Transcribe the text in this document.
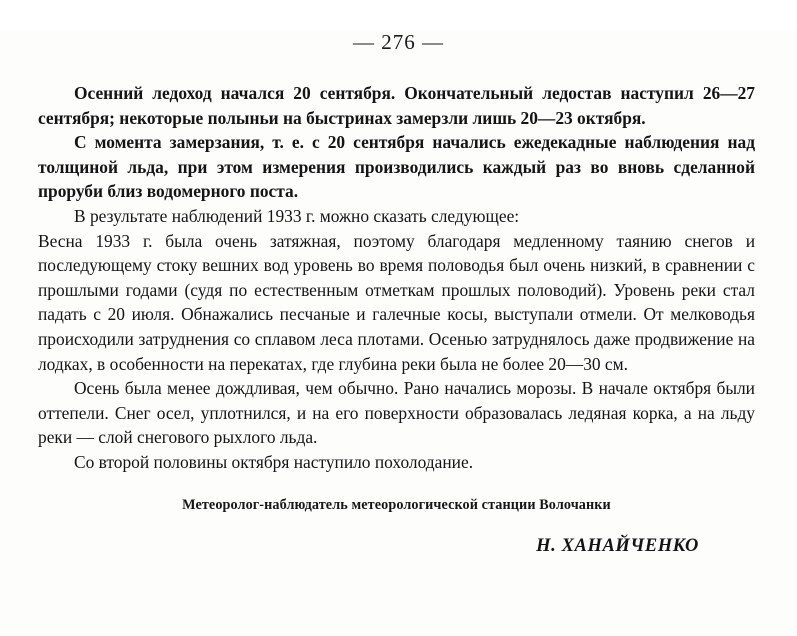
— 276 —

Осенний ледоход начался 20 сентября. Окончательный ледостав наступил 26—27 сентября; некоторые полыньи на быстринах замерзли лишь 20—23 октября.

С момента замерзания, т. е. с 20 сентября начались ежедекадные наблюдения над толщиной льда, при этом измерения производились каждый раз во вновь сделанной проруби близ водомерного поста.

В результате наблюдений 1933 г. можно сказать следующее:

Весна 1933 г. была очень затяжная, поэтому благодаря медленному таянию снегов и последующему стоку вешних вод уровень во время половодья был очень низкий, в сравнении с прошлыми годами (судя по естественным отметкам прошлых половодий). Уровень реки стал падать с 20 июля. Обнажались песчаные и галечные косы, выступали отмели. От мелководья происходили затруднения со сплавом леса плотами. Осенью затруднялось даже продвижение на лодках, в особенности на перекатах, где глубина реки была не более 20—30 см.

Осень была менее дождливая, чем обычно. Рано начались морозы. В начале октября были оттепели. Снег осел, уплотнился, и на его поверхности образовалась ледяная корка, а на льду реки — слой снегового рыхлого льда.

Со второй половины октября наступило похолодание.

Метеоролог-наблюдатель метеорологической станции Волочанки
Н. ХАНАЙЧЕНКО
